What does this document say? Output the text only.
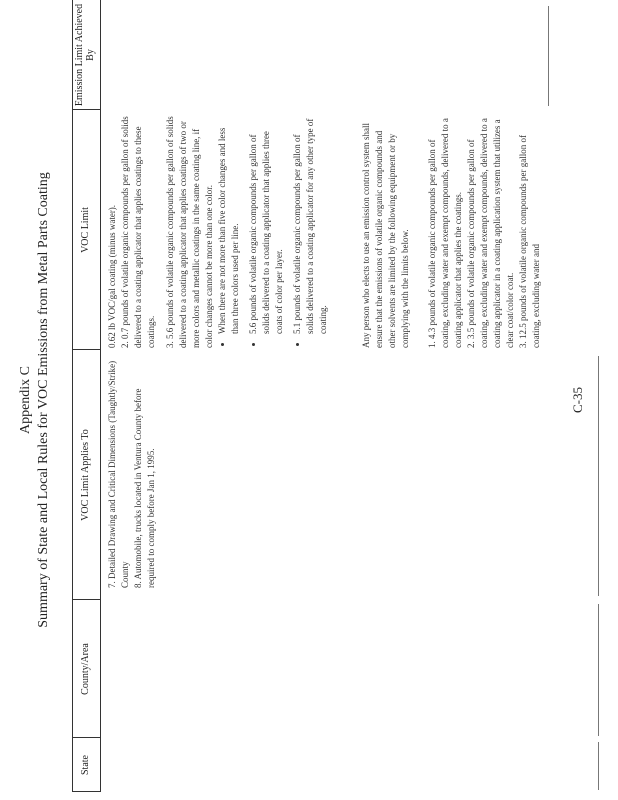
Appendix C Summary of State and Local Rules for VOC Emissions from Metal Parts Coating
State
County/Area
VOC Limit Applies To
VOC Limit
Emission Limit Achieved By

7. Detailed Drawing and Critical Dimensions (Taughtly/Strike) County 8. Automobile, trucks located in Ventura County before required to comply before Jan 1, 1995.

0.62 lb VOC/gal coating (minus water). 2. 0.7 pounds of volatile organic compounds per gallon of solids delivered to a coating applicator that applies coatings to these coatings. 3. 5.6 pounds of volatile organic compounds per gallon of solids delivered to a coating applicator that applies coatings of two or more colors and metallic coatings in the same coating line, if color changes cannot be more than one color. • When there are not more than five color changes and less than three colors used per line. • 5.6 pounds of volatile organic compounds per gallon of solids delivered to a coating applicator that applies three coats of color per layer. • 5.1 pounds of volatile organic compounds per gallon of solids delivered to a coating applicator for any other type of coating.	Any person who elects to use an emission control system shall ensure that the emissions of volatile organic compounds and other solvents are limited by the following equipment or by complying with the limits below. 1. 4.3 pounds of volatile organic compounds per gallon of coating, excluding water and exempt compounds, delivered to a coating applicator that applies the coatings. 2. 3.5 pounds of volatile organic compounds per gallon of coating, excluding water and exempt compounds, delivered to a coating applicator in a coating application system that utilizes a clear coat/color coat. 3. 12.5 pounds of volatile organic compounds per gallon of coating, excluding water and

C-35
